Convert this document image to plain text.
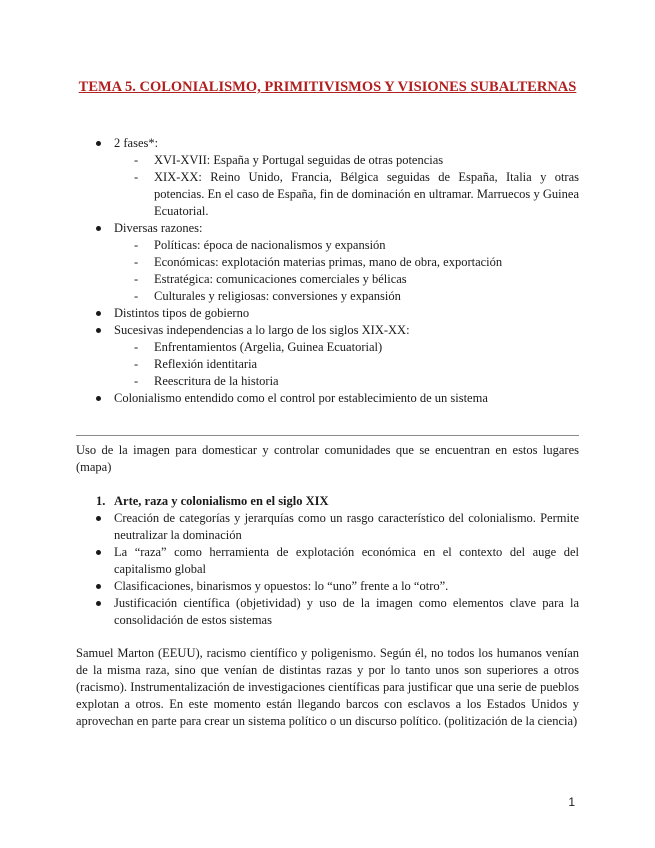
TEMA 5. COLONIALISMO, PRIMITIVISMOS Y VISIONES SUBALTERNAS
2 fases*:
- XVI-XVII: España y Portugal seguidas de otras potencias
- XIX-XX: Reino Unido, Francia, Bélgica seguidas de España, Italia y otras potencias. En el caso de España, fin de dominación en ultramar. Marruecos y Guinea Ecuatorial.
Diversas razones:
- Políticas: época de nacionalismos y expansión
- Económicas: explotación materias primas, mano de obra, exportación
- Estratégica: comunicaciones comerciales y bélicas
- Culturales y religiosas: conversiones y expansión
Distintos tipos de gobierno
Sucesivas independencias a lo largo de los siglos XIX-XX:
- Enfrentamientos (Argelia, Guinea Ecuatorial)
- Reflexión identitaria
- Reescritura de la historia
Colonialismo entendido como el control por establecimiento de un sistema
Uso de la imagen para domesticar y controlar comunidades que se encuentran en estos lugares (mapa)
1. Arte, raza y colonialismo en el siglo XIX
Creación de categorías y jerarquías como un rasgo característico del colonialismo. Permite neutralizar la dominación
La “raza” como herramienta de explotación económica en el contexto del auge del capitalismo global
Clasificaciones, binarismos y opuestos: lo “uno” frente a lo “otro”.
Justificación científica (objetividad) y uso de la imagen como elementos clave para la consolidación de estos sistemas
Samuel Marton (EEUU), racismo científico y poligenismo. Según él, no todos los humanos venían de la misma raza, sino que venían de distintas razas y por lo tanto unos son superiores a otros (racismo). Instrumentalización de investigaciones científicas para justificar que una serie de pueblos explotan a otros. En este momento están llegando barcos con esclavos a los Estados Unidos y aprovechan en parte para crear un sistema político o un discurso político. (politización de la ciencia)
1
